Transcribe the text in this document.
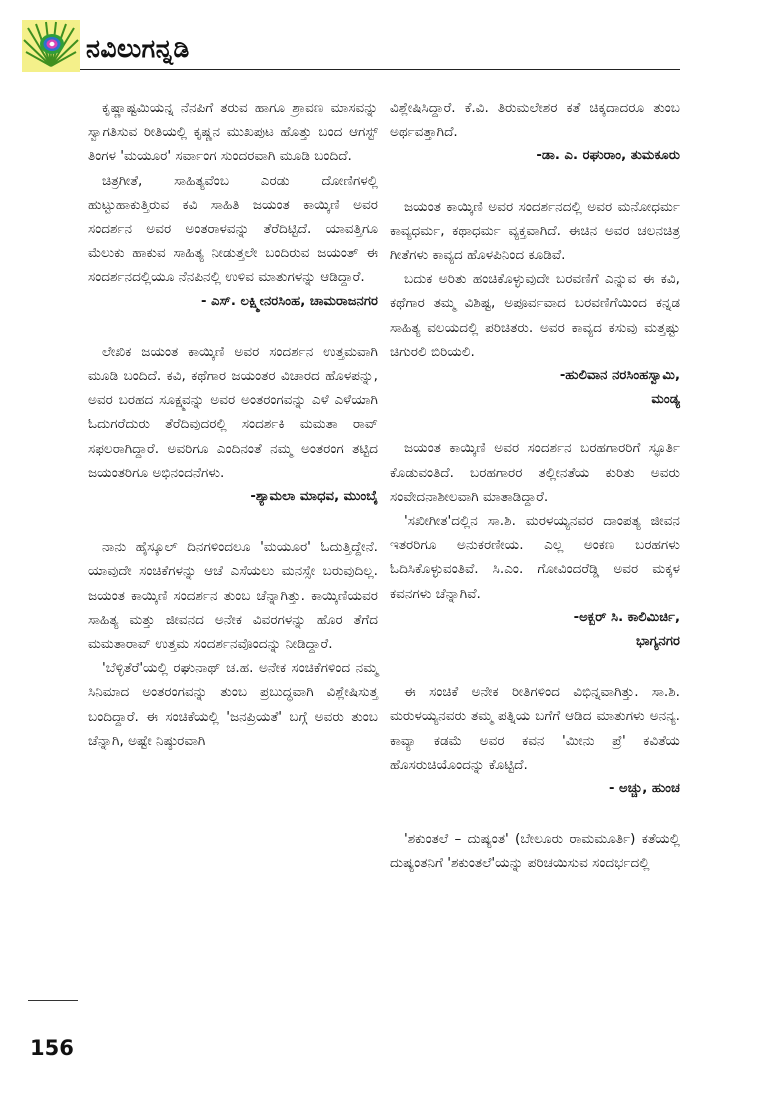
ನವಿಲುಗನ್ನಡಿ

ಕೃಷ್ಣಾಷ್ಟಮಿಯನ್ನ ನೆನಪಿಗೆ ತರುವ ಹಾಗೂ ಶ್ರಾವಣ ಮಾಸವನ್ನು ಸ್ವಾಗತಿಸುವ ರೀತಿಯಲ್ಲಿ ಕೃಷ್ಣನ ಮುಖಪುಟ ಹೊತ್ತು ಬಂದ ಆಗಸ್ಟ್ ತಿಂಗಳ 'ಮಯೂರ' ಸರ್ವಾಂಗ ಸುಂದರವಾಗಿ ಮೂಡಿ ಬಂದಿದೆ.

ಚಿತ್ರಗೀತೆ, ಸಾಹಿತ್ಯವೆಂಬ ಎರಡು ದೋಣಿಗಳಲ್ಲಿ ಹುಟ್ಟುಹಾಕುತ್ತಿರುವ ಕವಿ ಸಾಹಿತಿ ಜಯಂತ ಕಾಯ್ಕಿಣಿ ಅವರ ಸಂದರ್ಶನ ಅವರ ಅಂತರಾಳವನ್ನು ತೆರೆದಿಟ್ಟಿದೆ. ಯಾವತ್ತಿಗೂ ಮೆಲುಕು ಹಾಕುವ ಸಾಹಿತ್ಯ ನೀಡುತ್ತಲೇ ಬಂದಿರುವ ಜಯಂತ್ ಈ ಸಂದರ್ಶನದಲ್ಲಿಯೂ ನೆನಪಿನಲ್ಲಿ ಉಳಿವ ಮಾತುಗಳನ್ನು ಆಡಿದ್ದಾರೆ.

- ಎಸ್. ಲಕ್ಷ್ಮೀನರಸಿಂಹ, ಚಾಮರಾಜನಗರ

ಲೇಖಿಕ ಜಯಂತ ಕಾಯ್ಕಿಣಿ ಅವರ ಸಂದರ್ಶನ ಉತ್ತಮವಾಗಿ ಮೂಡಿ ಬಂದಿದೆ. ಕವಿ, ಕಥೆಗಾರ ಜಯಂತರ ವಿಚಾರದ ಹೊಳಪನ್ನು, ಅವರ ಬರಹದ ಸೂಕ್ಷ್ಮವನ್ನು ಅವರ ಅಂತರಂಗವನ್ನು ಎಳೆ ಎಳೆಯಾಗಿ ಓದುಗರೆದುರು ತೆರೆದಿವುದರಲ್ಲಿ ಸಂದರ್ಶಕಿ ಮಮತಾ ರಾವ್ ಸಫಲರಾಗಿದ್ದಾರೆ. ಅವರಿಗೂ ಎಂದಿನಂತೆ ನಮ್ಮ ಅಂತರಂಗ ತಟ್ಟಿದ ಜಯಂತರಿಗೂ ಅಭಿನಂದನೆಗಳು.

-ಶ್ಯಾಮಲಾ ಮಾಧವ, ಮುಂಬೈ

ನಾನು ಹೈಸ್ಕೂಲ್ ದಿನಗಳಿಂದಲೂ 'ಮಯೂರ' ಓದುತ್ತಿದ್ದೇನೆ. ಯಾವುದೇ ಸಂಚಿಕೆಗಳನ್ನು ಆಚೆ ಎಸೆಯಲು ಮನಸ್ಸೇ ಬರುವುದಿಲ್ಲ. ಜಯಂತ ಕಾಯ್ಕಿಣಿ ಸಂದರ್ಶನ ತುಂಬ ಚೆನ್ನಾಗಿತ್ತು. ಕಾಯ್ಕಿಣಿಯವರ ಸಾಹಿತ್ಯ ಮತ್ತು ಜೀವನದ ಅನೇಕ ವಿವರಗಳನ್ನು ಹೊರ ತೆಗೆದ ಮಮತಾರಾವ್ ಉತ್ತಮ ಸಂದರ್ಶನವೊಂದನ್ನು ನೀಡಿದ್ದಾರೆ.

'ಬೆಳ್ಳಿತೆರೆ'ಯಲ್ಲಿ ರಘುನಾಥ್ ಚ.ಹ. ಅನೇಕ ಸಂಚಿಕೆಗಳಿಂದ ನಮ್ಮ ಸಿನಿಮಾದ ಅಂತರಂಗವನ್ನು ತುಂಬ ಪ್ರಬುದ್ಧವಾಗಿ ವಿಶ್ಲೇಷಿಸುತ್ತ ಬಂದಿದ್ದಾರೆ. ಈ ಸಂಚಿಕೆಯಲ್ಲಿ 'ಜನಪ್ರಿಯತೆ' ಬಗ್ಗೆ ಅವರು ತುಂಬ ಚೆನ್ನಾಗಿ, ಅಷ್ಟೇ ನಿಷ್ಠುರವಾಗಿ

ವಿಶ್ಲೇಷಿಸಿದ್ದಾರೆ. ಕೆ.ವಿ. ತಿರುಮಲೇಶರ ಕತೆ ಚಿಕ್ಕದಾದರೂ ತುಂಬ ಅರ್ಥವತ್ತಾಗಿದೆ.

-ಡಾ. ಎ. ರಘುರಾಂ, ತುಮಕೂರು

ಜಯಂತ ಕಾಯ್ಕಿಣಿ ಅವರ ಸಂದರ್ಶನದಲ್ಲಿ ಅವರ ಮನೋಧರ್ಮ ಕಾವ್ಯಧರ್ಮ, ಕಥಾಧರ್ಮ ವ್ಯಕ್ತವಾಗಿದೆ. ಈಚಿನ ಅವರ ಚಲನಚಿತ್ರ ಗೀತೆಗಳು ಕಾವ್ಯದ ಹೊಳಪಿನಿಂದ ಕೂಡಿವೆ.

ಬದುಕ ಅರಿತು ಹಂಚಿಕೊಳ್ಳುವುದೇ ಬರವಣಿಗೆ ಎನ್ನುವ ಈ ಕವಿ, ಕಥೆಗಾರ ತಮ್ಮ ವಿಶಿಷ್ಟ, ಅಪೂರ್ವವಾದ ಬರವಣಿಗೆಯಿಂದ ಕನ್ನಡ ಸಾಹಿತ್ಯ ವಲಯದಲ್ಲಿ ಪರಿಚಿತರು. ಅವರ ಕಾವ್ಯದ ಕಸುವು ಮತ್ತಷ್ಟು ಚಿಗುರಲಿ ಬಿರಿಯಲಿ.

-ಹುಲಿವಾನ ನರಸಿಂಹಸ್ವಾಮಿ,

ಮಂಡ್ಯ

ಜಯಂತ ಕಾಯ್ಕಿಣಿ ಅವರ ಸಂದರ್ಶನ ಬರಹಗಾರರಿಗೆ ಸ್ಫೂರ್ತಿ ಕೊಡುವಂತಿದೆ. ಬರಹಗಾರರ ತಲ್ಲೀನತೆಯ ಕುರಿತು ಅವರು ಸಂವೇದನಾಶೀಲವಾಗಿ ಮಾತಾಡಿದ್ದಾರೆ.

'ಸಖೀಗೀತ'ದಲ್ಲಿನ ಸಾ.ಶಿ. ಮರಳಯ್ಯನವರ ದಾಂಪತ್ಯ ಜೀವನ ಇತರರಿಗೂ ಅನುಕರಣೀಯ. ಎಲ್ಲ ಅಂಕಣ ಬರಹಗಳು ಓದಿಸಿಕೊಳ್ಳುವಂತಿವೆ. ಸಿ.ಎಂ. ಗೋವಿಂದರೆಡ್ಡಿ ಅವರ ಮಕ್ಕಳ ಕವನಗಳು ಚೆನ್ನಾಗಿವೆ.

-ಅಕ್ಬರ್ ಸಿ. ಕಾಲಿಮಿರ್ಚಿ,

ಭಾಗ್ಯನಗರ

ಈ ಸಂಚಿಕೆ ಅನೇಕ ರೀತಿಗಳಿಂದ ವಿಭಿನ್ನವಾಗಿತ್ತು. ಸಾ.ಶಿ. ಮರುಳಯ್ಯನವರು ತಮ್ಮ ಪತ್ನಿಯ ಬಗೆಗೆ ಆಡಿದ ಮಾತುಗಳು ಅನನ್ಯ. ಕಾವ್ಯಾ ಕಡಮೆ ಅವರ ಕವನ 'ಮೀನು ಪ್ರೆ' ಕವಿತೆಯ ಹೊಸರುಚಿಯೊಂದನ್ನು ಕೊಟ್ಟಿದೆ.

- ಅಚ್ಚು, ಹುಂಚ

'ಶಕುಂತಲೆ – ದುಷ್ಯಂತ' (ಬೇಲೂರು ರಾಮಮೂರ್ತಿ) ಕತೆಯಲ್ಲಿ ದುಷ್ಯಂತನಿಗೆ 'ಶಕುಂತಲೆ'ಯನ್ನು ಪರಿಚಯಿಸುವ ಸಂದರ್ಭದಲ್ಲಿ

156
